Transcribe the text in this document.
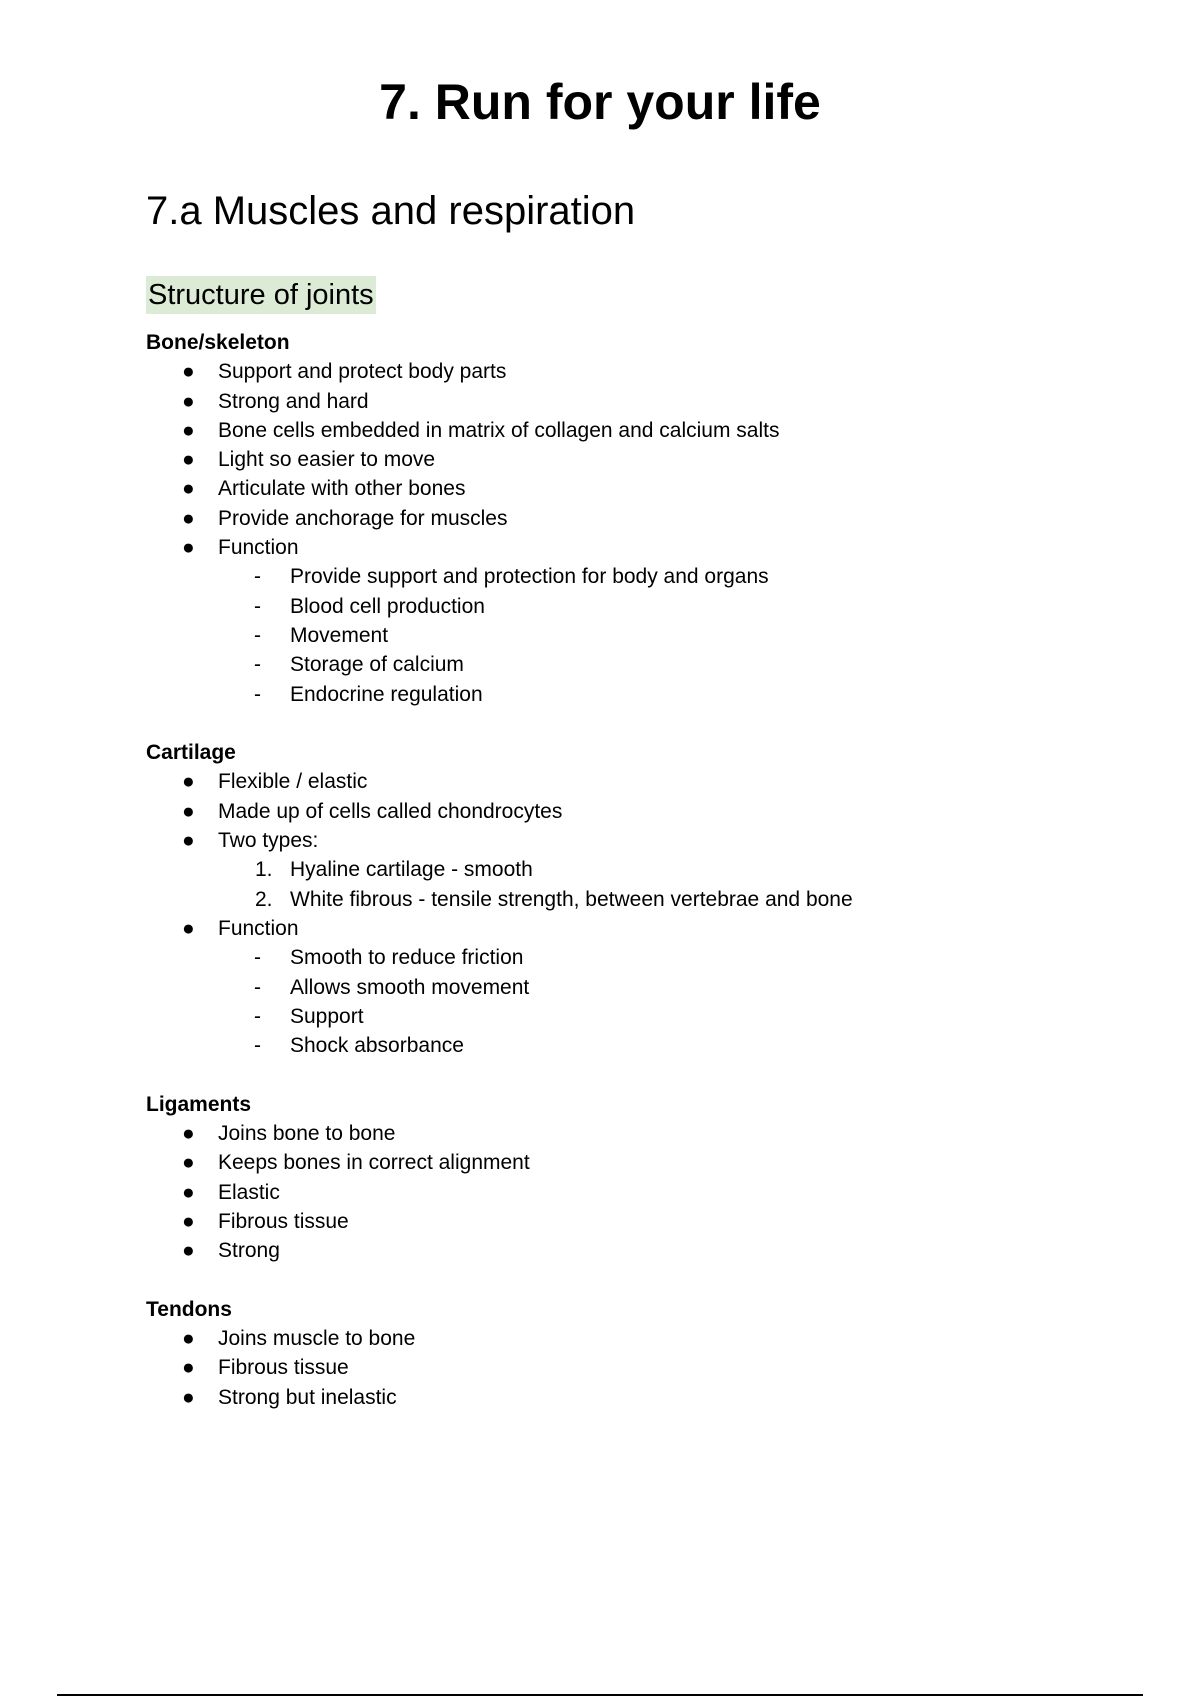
7. Run for your life
7.a Muscles and respiration
Structure of joints

Bone/skeleton

●	Support and protect body parts
●	Strong and hard
●	Bone cells embedded in matrix of collagen and calcium salts
●	Light so easier to move
●	Articulate with other bones
●	Provide anchorage for muscles
●	Function
-	Provide support and protection for body and organs
-	Blood cell production
-	Movement
-	Storage of calcium
-	Endocrine regulation

Cartilage

●	Flexible / elastic
●	Made up of cells called chondrocytes
●	Two types:
1. Hyaline cartilage - smooth
2. White fibrous - tensile strength, between vertebrae and bone
●	Function
-	Smooth to reduce friction
-	Allows smooth movement
-	Support
-	Shock absorbance

Ligaments

●	Joins bone to bone
●	Keeps bones in correct alignment
●	Elastic
●	Fibrous tissue
●	Strong

Tendons

●	Joins muscle to bone
●	Fibrous tissue
●	Strong but inelastic
